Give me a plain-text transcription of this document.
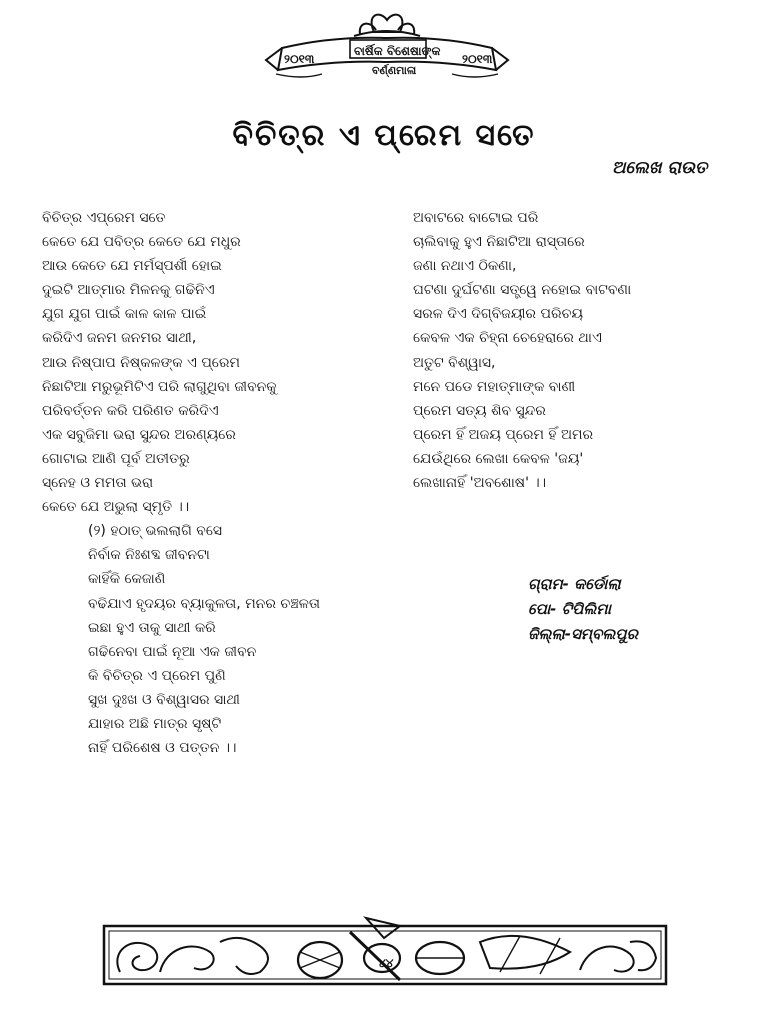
୨୦୧୩
ବାର୍ଷିକ ବିଶେଷାଙ୍କ
୨୦୧୩
ବର୍ଣ୍ଣମାଳା
ବିଚିତ୍ର ଏ ପ୍ରେମ ସତେ
ଅଲେଖ ରାଉତ
ବିଚିତ୍ର ଏପ୍ରେମ ସତେ
କେତେ ଯେ ପବିତ୍ର କେତେ ଯେ ମଧୁର
ଆଉ କେତେ ଯେ ମର୍ମସ୍ପର୍ଶୀ ହୋଇ
ଦୁଇଟି ଆତ୍ମାର ମିଳନକୁ ଗଢିନିଏ
ଯୁଗ ଯୁଗ ପାଇଁ କାଳ କାଳ ପାଇଁ
କରିଦିଏ ଜନମ ଜନମର ସାଥୀ,
ଆଉ ନିଷ୍ପାପ ନିଷ୍କଳଙ୍କ ଏ ପ୍ରେମ
ନିଛାଟିଆ ମରୁଭୂମିଟିଏ ପରି ଲାଗୁଥିବା ଜୀବନକୁ
ପରିବର୍ତ୍ତନ କରି ପରିଣତ କରିଦିଏ
ଏକ ସବୁଜିମା ଭରା ସୁନ୍ଦର ଅରଣ୍ୟରେ
ଗୋଟାଇ ଆଣି ପୂର୍ବ ଅତୀତରୁ
ସ୍ନେହ ଓ ମମତା ଭରା
କେତେ ଯେ ଅଭୁଲା ସ୍ମୃତି ।।
(୨) ହଠାତ୍ ଭଲଲାଗି ବସେ
ନିର୍ବାକ ନିଃଶବ୍ଦ ଜୀବନଟା
କାହିଁକି କେଜାଣି
ବଢିଯାଏ ହୃଦୟର ବ୍ୟାକୁଳତା, ମନର ଚଞ୍ଚଳତା
ଇଛା ହୁଏ ତାକୁ ସାଥୀ କରି
ଗଢିନେବା ପାଇଁ ନୂଆ ଏକ ଜୀବନ
କି ବିଚିତ୍ର ଏ ପ୍ରେମ ପୁଣି
ସୁଖ ଦୁଃଖ ଓ ବିଶ୍ୱାସର ସାଥୀ
ଯାହାର ଅଛି ମାତ୍ର ସୃଷ୍ଟି
ନାହିଁ ପରିଶେଷ ଓ ପତ୍ତନ ।।
ଅବାଟରେ ବାଟୋଇ ପରି
ଚାଲିବାକୁ ହୁଏ ନିଛାଟିଆ ରାସ୍ତାରେ
ଜଣା ନଥାଏ ଠିକଣା,
ଘଟଣା ଦୁର୍ଘଟଣା ସତ୍ତ୍ୱେ ନହୋଇ ବାଟବଣା
ସରଳ ଦିଏ ଦିଗ୍‌ବିଜୟୀର ପରିଚୟ
କେବଳ ଏକ ଚିହ୍ନା ଚେହେରାରେ ଥାଏ
ଅତୁଟ ବିଶ୍ୱାସ,
ମନେ ପଡେ ମହାତ୍ମାଙ୍କ ବାଣୀ
ପ୍ରେମ ସତ୍ୟ ଶିବ ସୁନ୍ଦର
ପ୍ରେମ ହିଁ ଅଜୟ ପ୍ରେମ ହିଁ ଅମର
ଯେଉଁଥିରେ ଲେଖା କେବଳ 'ଜୟ'
ଲେଖାନାହିଁ 'ଅବଶୋଷ' ।।
ଗ୍ରାମ- କର୍ଡୋଲା
ପୋ- ଟିପିଲିମା
ଜିଲ୍ଲା-ସମ୍ବଲପୁର
୪୪
